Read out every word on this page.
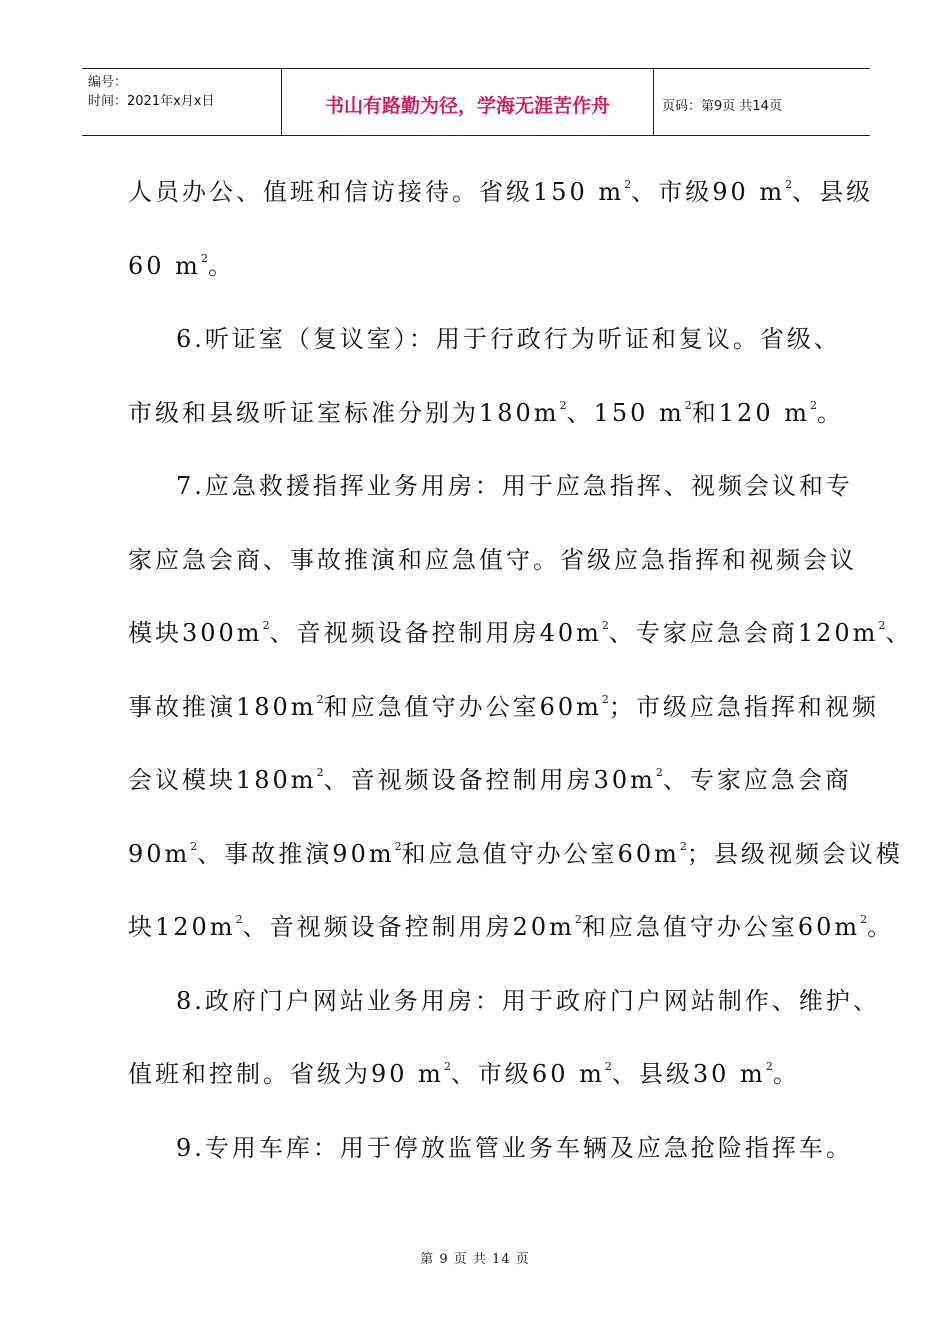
编号：
时间：2021年x月x日	书山有路勤为径，学海无涯苦作舟	页码：第9页 共14页
人员办公、值班和信访接待。省级150 $m^2$、市级90 $m^2$、县级
60 $m^2$。
6.听证室（复议室）：用于行政行为听证和复议。省级、
市级和县级听证室标准分别为$180m^2$、150 $m^2$和120 $m^2$。
7.应急救援指挥业务用房：用于应急指挥、视频会议和专
家应急会商、事故推演和应急值守。省级应急指挥和视频会议
模块$300m^2$、音视频设备控制用房$40m^2$、专家应急会商$120m^2$、
事故推演$180m^2$和应急值守办公室$60m^2$；市级应急指挥和视频
会议模块$180m^2$、音视频设备控制用房$30m^2$、专家应急会商
$90m^2$、事故推演$90m^2$和应急值守办公室$60m^2$；县级视频会议模
块$120m^2$、音视频设备控制用房$20m^2$和应急值守办公室$60m^2$。
8.政府门户网站业务用房：用于政府门户网站制作、维护、
值班和控制。省级为90 $m^2$、市级60 $m^2$、县级30 $m^2$。
9.专用车库：用于停放监管业务车辆及应急抢险指挥车。
第 9 页 共 14 页
